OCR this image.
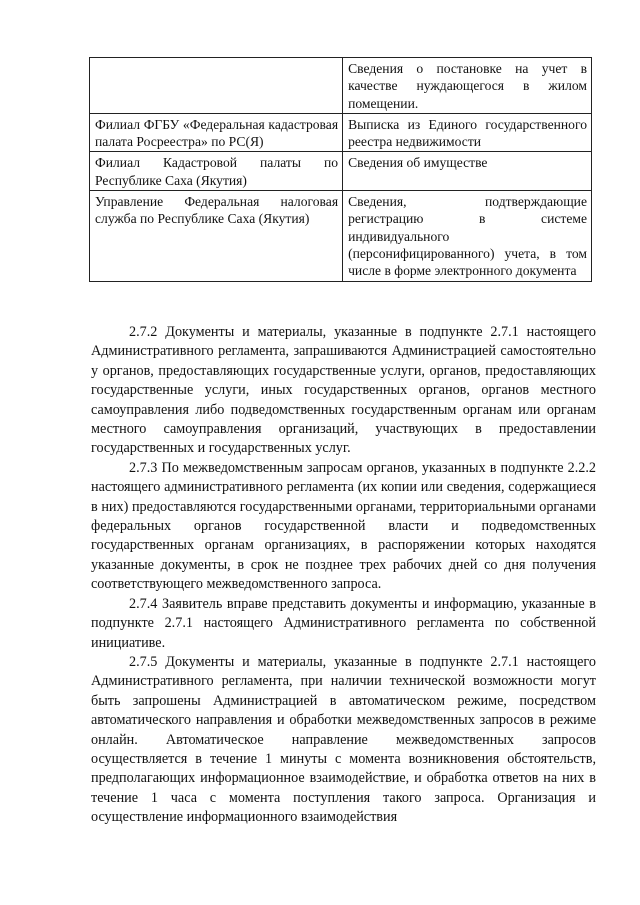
	Сведения о постановке на учет в качестве нуждающегося в жилом помещении.
Филиал ФГБУ «Федеральная кадастровая палата Росреестра» по РС(Я)	Выписка из Единого государственного реестра недвижимости
Филиал Кадастровой палаты по Республике Саха (Якутия)	Сведения об имуществе
Управление Федеральная налоговая служба по Республике Саха (Якутия)	Сведения, подтверждающие регистрацию в системе индивидуального (персонифицированного) учета, в том числе в форме электронного документа

2.7.2 Документы и материалы, указанные в подпункте 2.7.1 настоящего Административного регламента, запрашиваются Администрацией самостоятельно у органов, предоставляющих государственные услуги, органов, предоставляющих государственные услуги, иных государственных органов, органов местного самоуправления либо подведомственных государственным органам или органам местного самоуправления организаций, участвующих в предоставлении государственных и государственных услуг.

2.7.3 По межведомственным запросам органов, указанных в подпункте 2.2.2 настоящего административного регламента (их копии или сведения, содержащиеся в них) предоставляются государственными органами, территориальными органами федеральных органов государственной власти и подведомственных государственных органам организациях, в распоряжении которых находятся указанные документы, в срок не позднее трех рабочих дней со дня получения соответствующего межведомственного запроса.

2.7.4 Заявитель вправе представить документы и информацию, указанные в подпункте 2.7.1 настоящего Административного регламента по собственной инициативе.

2.7.5 Документы и материалы, указанные в подпункте 2.7.1 настоящего Административного регламента, при наличии технической возможности могут быть запрошены Администрацией в автоматическом режиме, посредством автоматического направления и обработки межведомственных запросов в режиме онлайн. Автоматическое направление межведомственных запросов осуществляется в течение 1 минуты с момента возникновения обстоятельств, предполагающих информационное взаимодействие, и обработка ответов на них в течение 1 часа с момента поступления такого запроса. Организация и осуществление информационного взаимодействия
